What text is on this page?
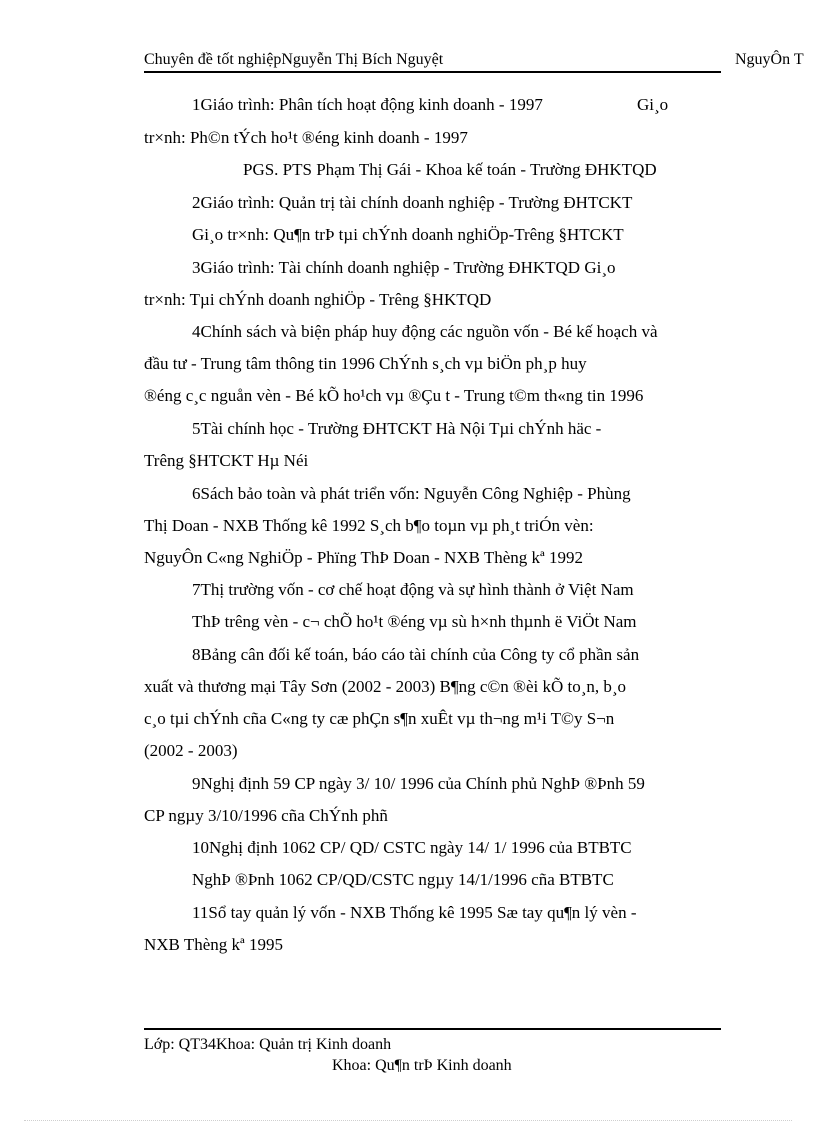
Chuyên đề tốt nghiệpNguyễn Thị Bích Nguyệt	NguyÔn T
1Giáo trình: Phân tích hoạt động kinh doanh - 1997	Gi¸o
tr×nh: Ph©n tÝch ho¹t ®éng kinh doanh - 1997
PGS. PTS Phạm Thị Gái - Khoa kế toán - Trường ĐHKTQD
2Giáo trình: Quản trị tài chính doanh nghiệp - Trường ĐHTCKT
Gi¸o tr×nh: Qu¶n trÞ tµi chÝnh doanh nghiÖp-Trêng §HTCKT
3Giáo trình: Tài chính doanh nghiệp - Trường ĐHKTQD Gi¸o
tr×nh: Tµi chÝnh doanh nghiÖp - Trêng §HKTQD
4Chính sách và biện pháp huy động các nguồn vốn - Bé kế hoạch và
đầu tư - Trung tâm thông tin 1996 ChÝnh s¸ch vµ biÖn ph¸p huy
®éng c¸c nguån vèn - Bé kÕ ho¹ch vµ ®Çu t - Trung t©m th«ng tin 1996
5Tài chính học - Trường ĐHTCKT Hà Nội Tµi chÝnh häc -
Trêng §HTCKT Hµ Néi
6Sách bảo toàn và phát triển vốn: Nguyễn Công Nghiệp - Phùng
Thị Doan - NXB Thống kê 1992 S¸ch b¶o toµn vµ ph¸t triÓn vèn:
NguyÔn C«ng NghiÖp - Phïng ThÞ Doan - NXB Thèng kª 1992
7Thị trường vốn - cơ chế hoạt động và sự hình thành ở Việt Nam
ThÞ trêng vèn - c¬ chÕ ho¹t ®éng vµ sù h×nh thµnh ë ViÖt Nam
8Bảng cân đối kế toán, báo cáo tài chính của Công ty cổ phần sản
xuất và thương mại Tây Sơn (2002 - 2003) B¶ng c©n ®èi kÕ to¸n, b¸o
c¸o tµi chÝnh cña C«ng ty cæ phÇn s¶n xuÊt vµ th¬ng m¹i T©y S¬n
(2002 - 2003)
9Nghị định 59 CP ngày 3/ 10/ 1996 của Chính phủ NghÞ ®Þnh 59
CP ngµy 3/10/1996 cña ChÝnh phñ
10Nghị định 1062 CP/ QD/ CSTC ngày 14/ 1/ 1996 của BTBTC
NghÞ ®Þnh 1062 CP/QD/CSTC ngµy 14/1/1996 cña BTBTC
11Sổ tay quản lý vốn - NXB Thống kê 1995 Sæ tay qu¶n lý vèn -
NXB Thèng kª 1995
Lớp: QT34Khoa: Quản trị Kinh doanh
Khoa: Qu¶n trÞ Kinh doanh
